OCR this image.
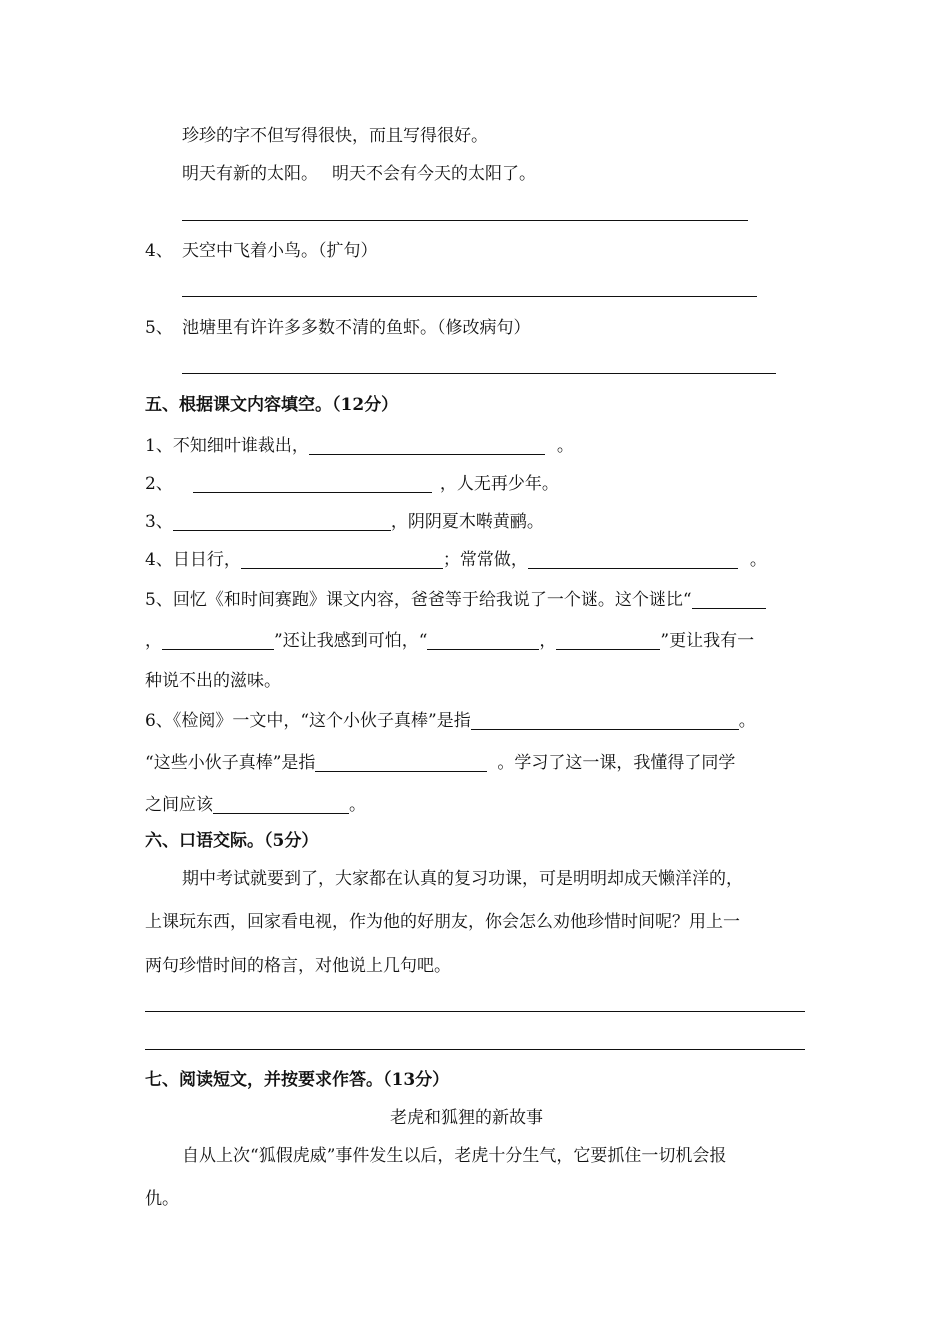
珍珍的字不但写得很快，而且写得很好。
明天有新的太阳。 明天不会有今天的太阳了。
4、 天空中飞着小鸟。（扩句）
5、 池塘里有许许多多数不清的鱼虾。（修改病句）
五、根据课文内容填空。（12分）
1、不知细叶谁裁出，	。
2、	，人无再少年。
3、	，阴阴夏木啭黄鹂。
4、日日行，	；常常做，	。
5、回忆《和时间赛跑》课文内容，爸爸等于给我说了一个谜。这个谜比“
，	”还让我感到可怕，“	，	”更让我有一
种说不出的滋味。
6、《检阅》一文中，“这个小伙子真棒”是指	。
“这些小伙子真棒”是指	。学习了这一课，我懂得了同学
之间应该	。
六、口语交际。（5分）
期中考试就要到了，大家都在认真的复习功课，可是明明却成天懒洋洋的，
上课玩东西，回家看电视，作为他的好朋友，你会怎么劝他珍惜时间呢？用上一
两句珍惜时间的格言，对他说上几句吧。
七、阅读短文，并按要求作答。（13分）
老虎和狐狸的新故事
自从上次“狐假虎威”事件发生以后，老虎十分生气，它要抓住一切机会报
仇。
